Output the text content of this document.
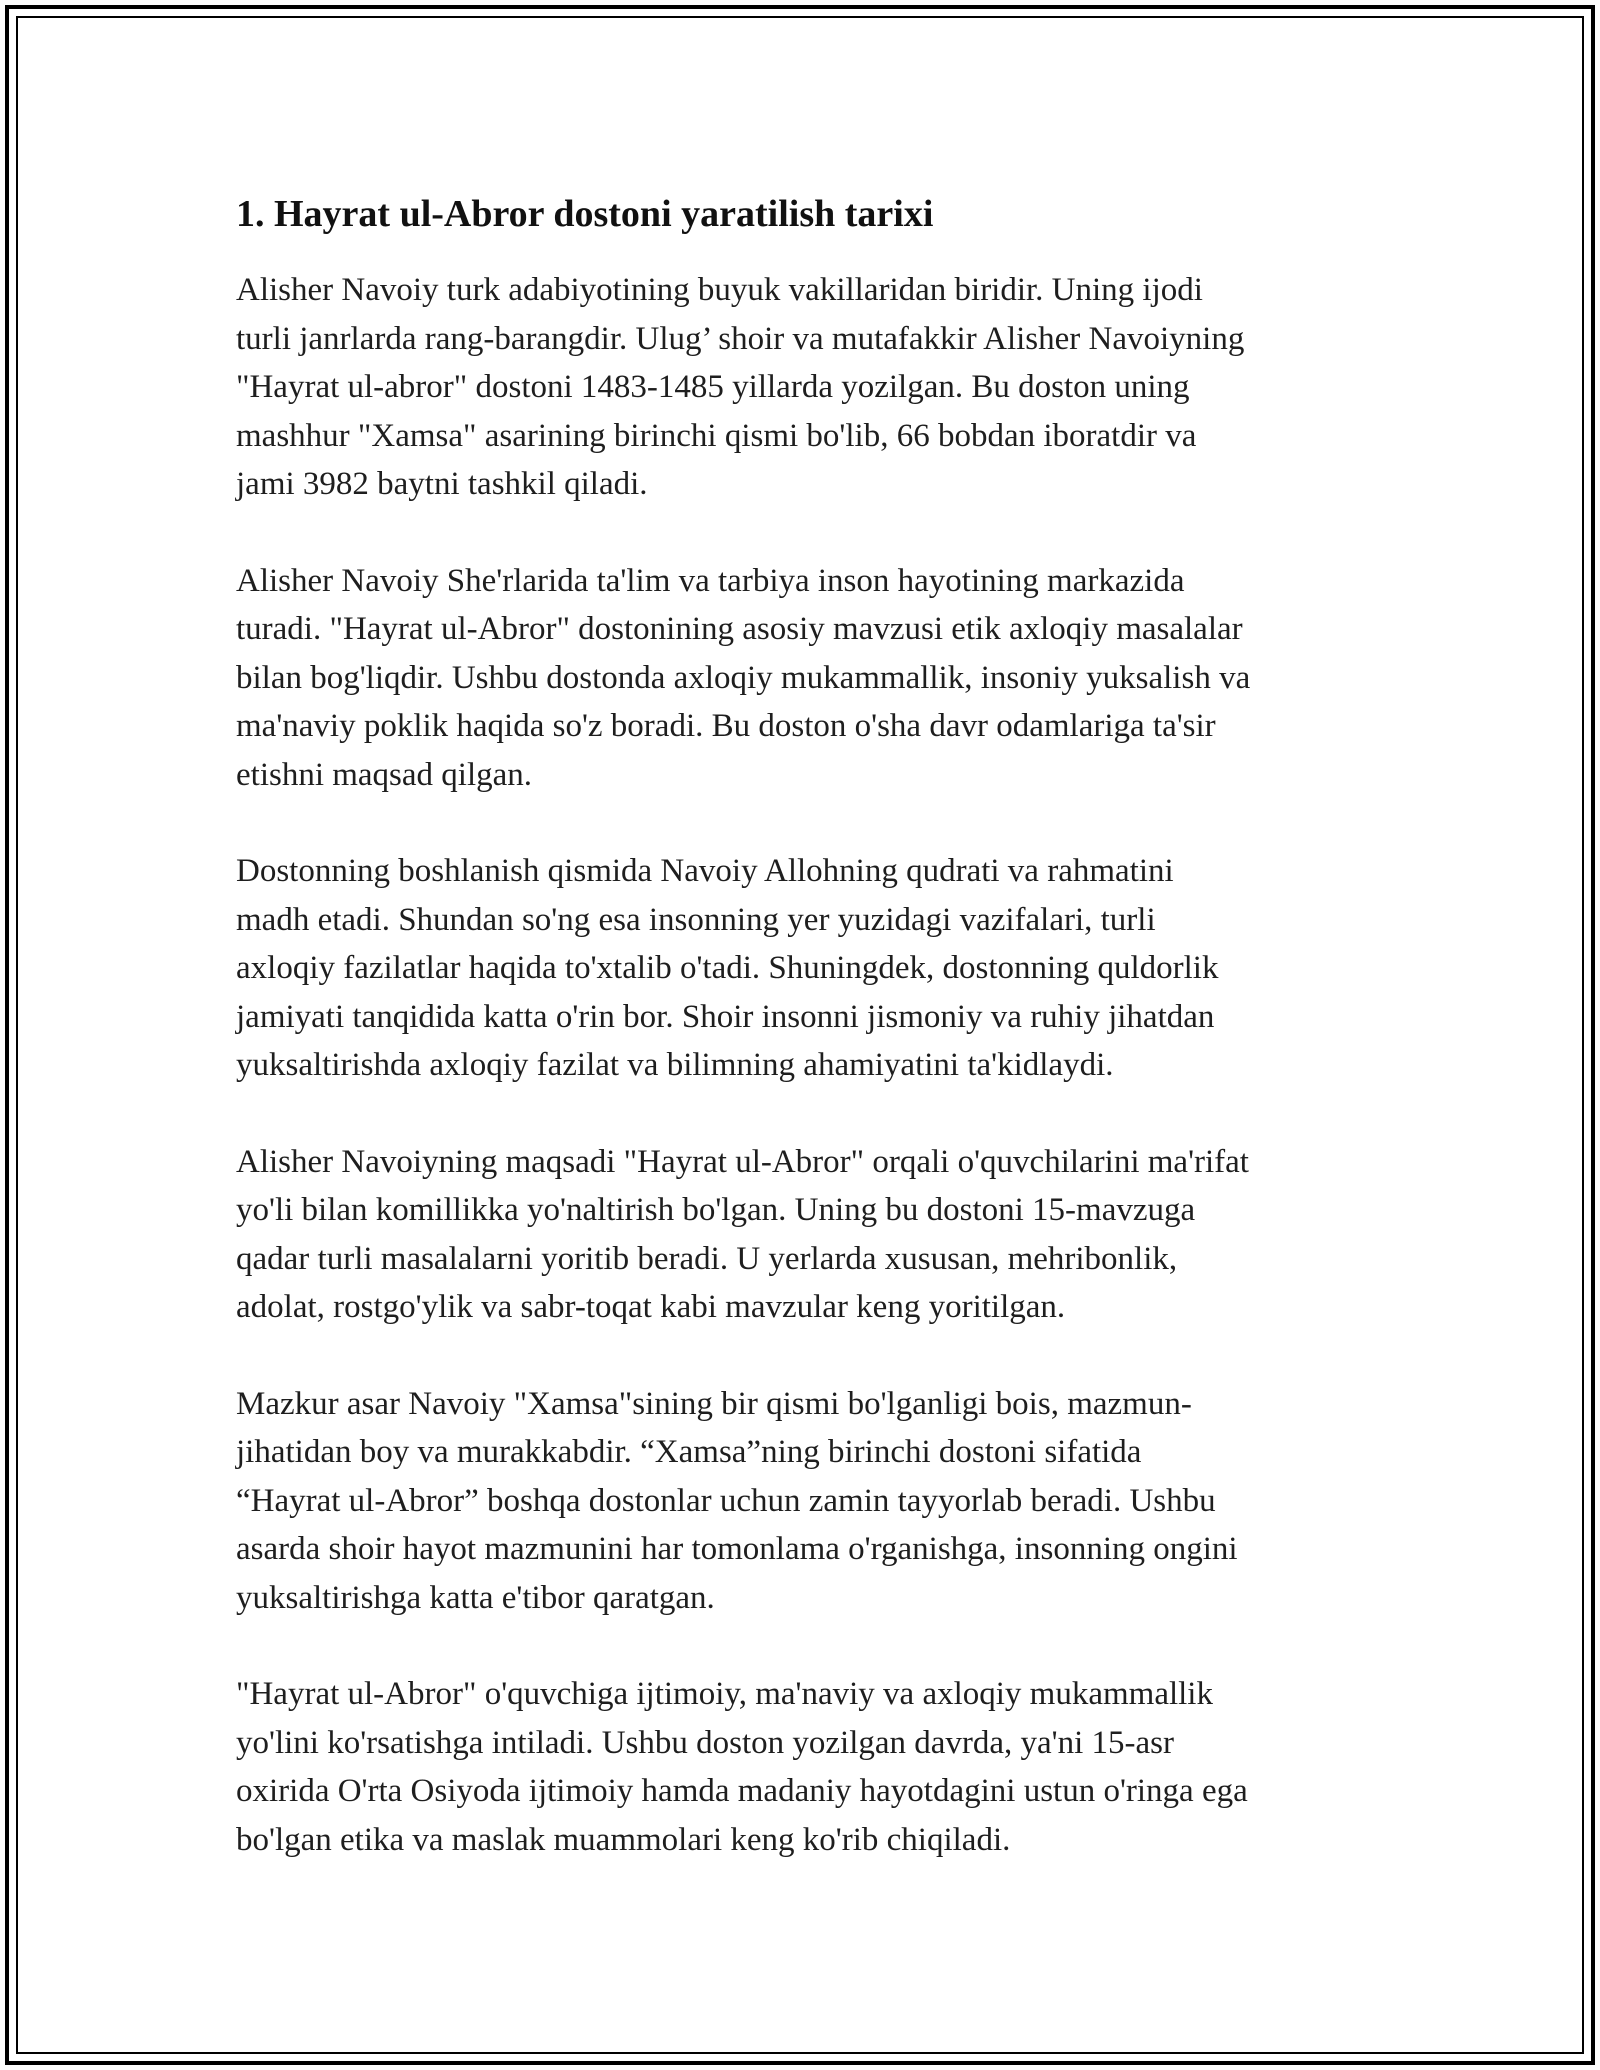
1. Hayrat ul-Abror dostoni yaratilish tarixi

Alisher Navoiy turk adabiyotining buyuk vakillaridan biridir. Uning ijodi
turli janrlarda rang-barangdir. Ulug’ shoir va mutafakkir Alisher Navoiyning
"Hayrat ul-abror" dostoni 1483-1485 yillarda yozilgan. Bu doston uning
mashhur "Xamsa" asarining birinchi qismi bo'lib, 66 bobdan iboratdir va
jami 3982 baytni tashkil qiladi.

Alisher Navoiy She'rlarida ta'lim va tarbiya inson hayotining markazida
turadi. "Hayrat ul-Abror" dostonining asosiy mavzusi etik axloqiy masalalar
bilan bog'liqdir. Ushbu dostonda axloqiy mukammallik, insoniy yuksalish va
ma'naviy poklik haqida so'z boradi. Bu doston o'sha davr odamlariga ta'sir
etishni maqsad qilgan.

Dostonning boshlanish qismida Navoiy Allohning qudrati va rahmatini
madh etadi. Shundan so'ng esa insonning yer yuzidagi vazifalari, turli
axloqiy fazilatlar haqida to'xtalib o'tadi. Shuningdek, dostonning quldorlik
jamiyati tanqidida katta o'rin bor. Shoir insonni jismoniy va ruhiy jihatdan
yuksaltirishda axloqiy fazilat va bilimning ahamiyatini ta'kidlaydi.

Alisher Navoiyning maqsadi "Hayrat ul-Abror" orqali o'quvchilarini ma'rifat
yo'li bilan komillikka yo'naltirish bo'lgan. Uning bu dostoni 15-mavzuga
qadar turli masalalarni yoritib beradi. U yerlarda xususan, mehribonlik,
adolat, rostgo'ylik va sabr-toqat kabi mavzular keng yoritilgan.

Mazkur asar Navoiy "Xamsa"sining bir qismi bo'lganligi bois, mazmun-
jihatidan boy va murakkabdir. “Xamsa”ning birinchi dostoni sifatida
“Hayrat ul-Abror” boshqa dostonlar uchun zamin tayyorlab beradi. Ushbu
asarda shoir hayot mazmunini har tomonlama o'rganishga, insonning ongini
yuksaltirishga katta e'tibor qaratgan.

"Hayrat ul-Abror" o'quvchiga ijtimoiy, ma'naviy va axloqiy mukammallik
yo'lini ko'rsatishga intiladi. Ushbu doston yozilgan davrda, ya'ni 15-asr
oxirida O'rta Osiyoda ijtimoiy hamda madaniy hayotdagini ustun o'ringa ega
bo'lgan etika va maslak muammolari keng ko'rib chiqiladi.
